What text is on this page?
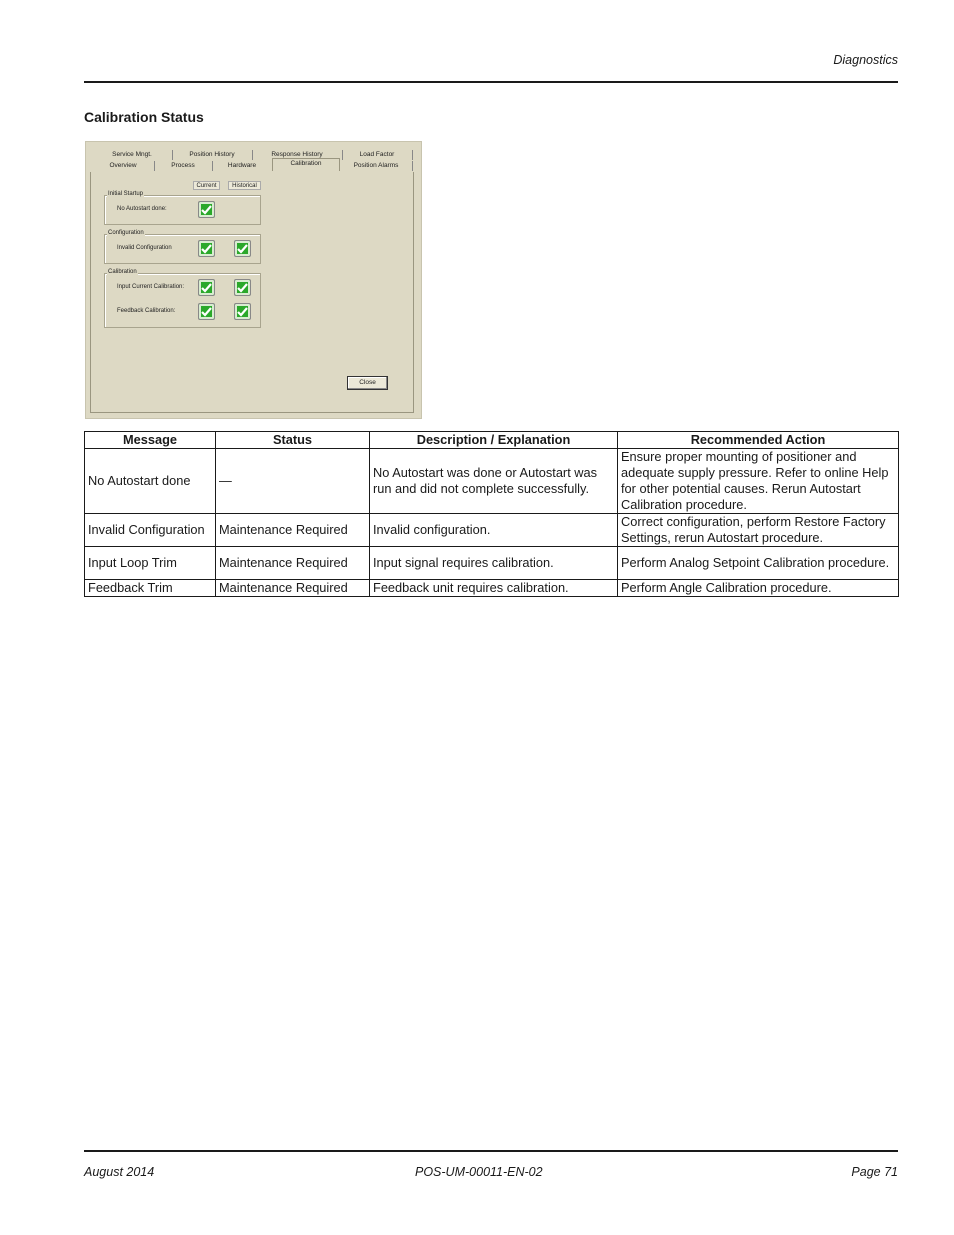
Diagnostics
Calibration Status
Service Mngt.	Position History	Response History	Load Factor
Overview	Process	Hardware	Calibration	Position Alarms
Current	Historical
Initial Startup
No Autostart done:
Configuration
Invalid Configuration
Calibration
Input Current Calibration:
Feedback Calibration:
Close
Message	Status	Description / Explanation	Recommended Action
No Autostart done	—	No Autostart was done or Autostart was run and did not complete successfully.	Ensure proper mounting of positioner and adequate supply pressure. Refer to online Help for other potential causes. Rerun Autostart Calibration procedure.
Invalid Configuration	Maintenance Required	Invalid configuration.	Correct configuration, perform Restore Factory Settings, rerun Autostart procedure.
Input Loop Trim	Maintenance Required	Input signal requires calibration.	Perform Analog Setpoint Calibration procedure.
Feedback Trim	Maintenance Required	Feedback unit requires calibration.	Perform Angle Calibration procedure.
August 2014	POS-UM-00011-EN-02	Page 71
